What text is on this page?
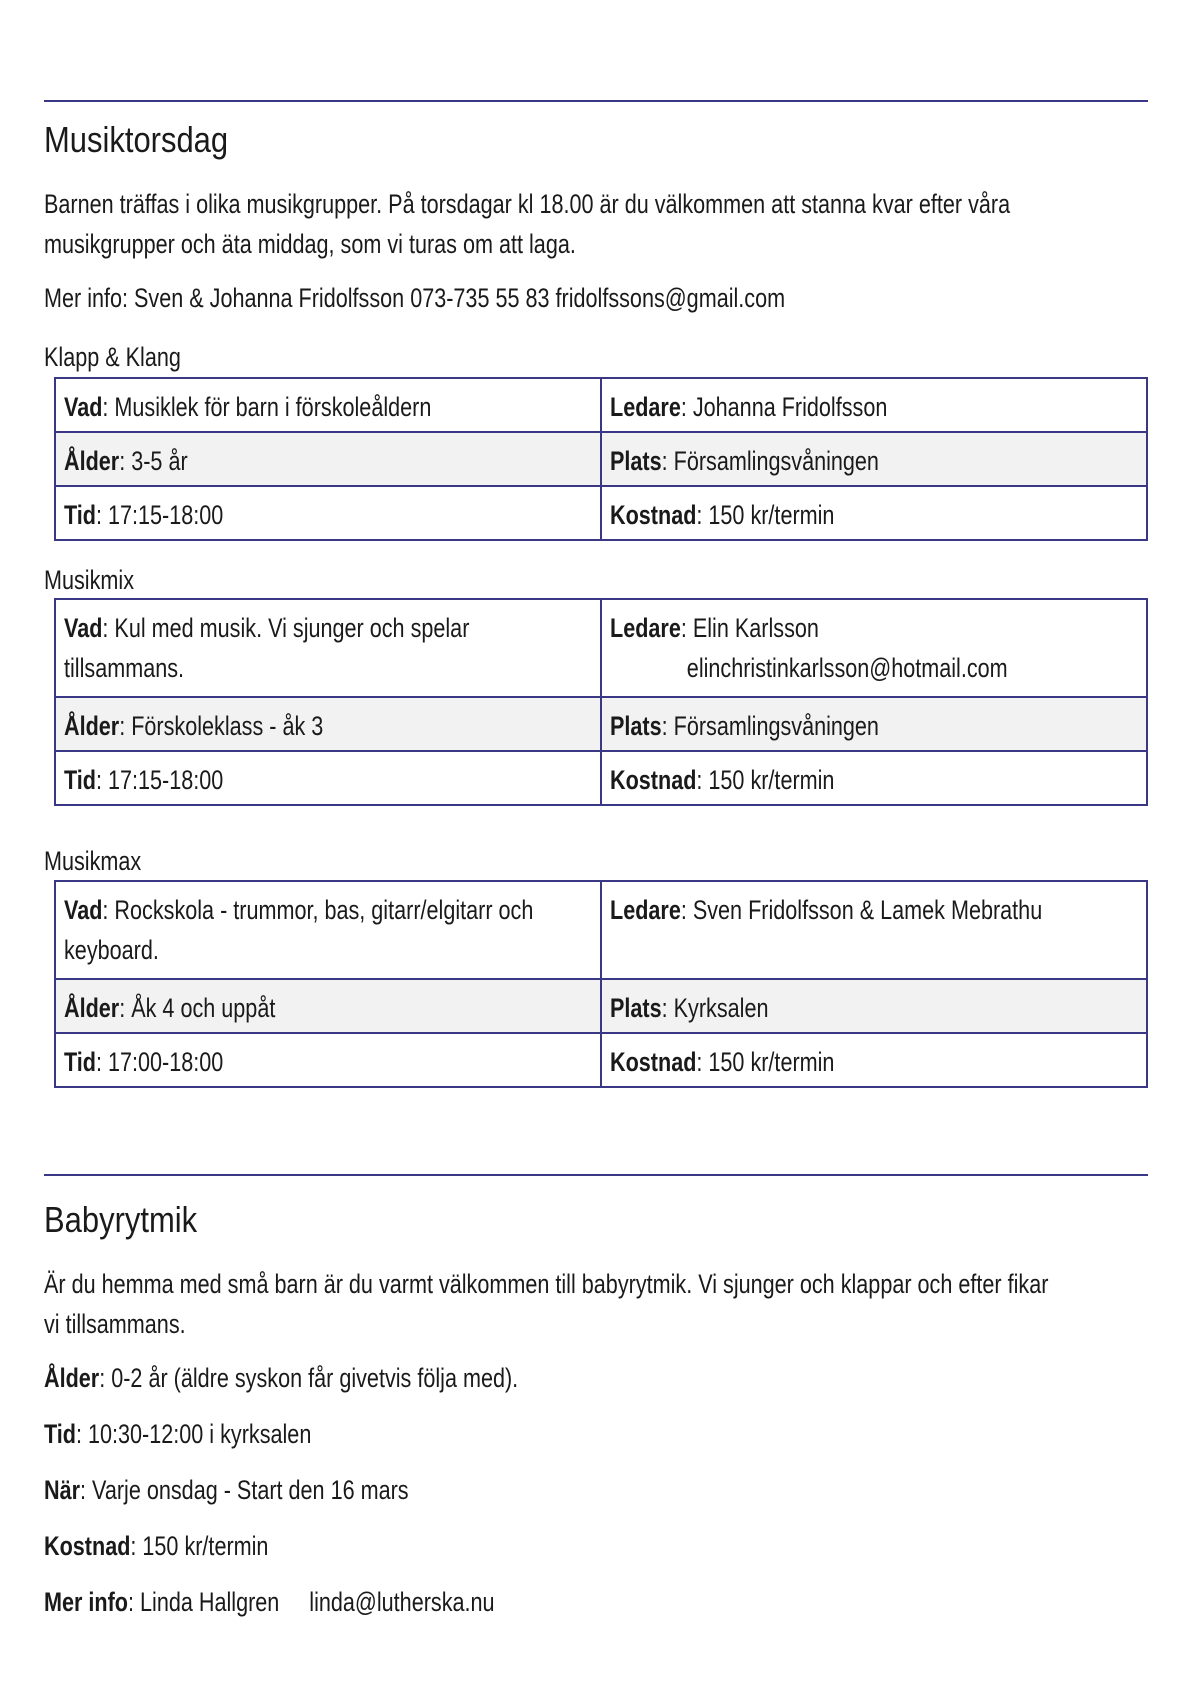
Musiktorsdag

Barnen träffas i olika musikgrupper. På torsdagar kl 18.00 är du välkommen att stanna kvar efter våra

musikgrupper och äta middag, som vi turas om att laga.

Mer info: Sven & Johanna Fridolfsson 073-735 55 83 fridolfssons@gmail.com

Klapp & Klang

Vad: Musiklek för barn i förskoleåldern	Ledare: Johanna Fridolfsson

Ålder: 3-5 år	Plats: Församlingsvåningen

Tid: 17:15-18:00	Kostnad: 150 kr/termin

Musikmix

Vad: Kul med musik. Vi sjunger och spelar
tillsammans.	Ledare: Elin Karlsson
elinchristinkarlsson@hotmail.com

Ålder: Förskoleklass - åk 3	Plats: Församlingsvåningen

Tid: 17:15-18:00	Kostnad: 150 kr/termin

Musikmax

Vad: Rockskola - trummor, bas, gitarr/elgitarr och
keyboard.	Ledare: Sven Fridolfsson & Lamek Mebrathu

Ålder: Åk 4 och uppåt	Plats: Kyrksalen

Tid: 17:00-18:00	Kostnad: 150 kr/termin
Babyrytmik

Är du hemma med små barn är du varmt välkommen till babyrytmik. Vi sjunger och klappar och efter fikar

vi tillsammans.

Ålder: 0-2 år (äldre syskon får givetvis följa med).

Tid: 10:30-12:00 i kyrksalen

När: Varje onsdag - Start den 16 mars

Kostnad: 150 kr/termin

Mer info: Linda Hallgren     linda@lutherska.nu
